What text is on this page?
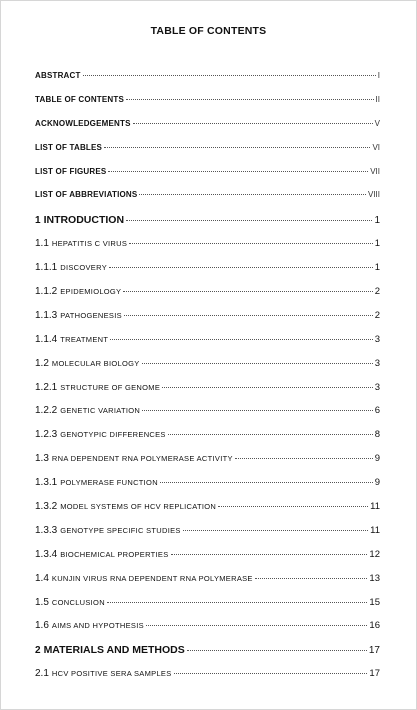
TABLE OF CONTENTS
ABSTRACT	I
TABLE OF CONTENTS	II
ACKNOWLEDGEMENTS	V
LIST OF TABLES	VI
LIST OF FIGURES	VII
LIST OF ABBREVIATIONS	VIII
1 INTRODUCTION	1
1.1 HEPATITIS C VIRUS	1
1.1.1 DISCOVERY	1
1.1.2 EPIDEMIOLOGY	2
1.1.3 PATHOGENESIS	2
1.1.4 TREATMENT	3
1.2 MOLECULAR BIOLOGY	3
1.2.1 STRUCTURE OF GENOME	3
1.2.2 GENETIC VARIATION	6
1.2.3 GENOTYPIC DIFFERENCES	8
1.3 RNA DEPENDENT RNA POLYMERASE ACTIVITY	9
1.3.1 POLYMERASE FUNCTION	9
1.3.2 MODEL SYSTEMS OF HCV REPLICATION	11
1.3.3 GENOTYPE SPECIFIC STUDIES	11
1.3.4 BIOCHEMICAL PROPERTIES	12
1.4 KUNJIN VIRUS RNA DEPENDENT RNA POLYMERASE	13
1.5 CONCLUSION	15
1.6 AIMS AND HYPOTHESIS	16
2 MATERIALS AND METHODS	17
2.1 HCV POSITIVE SERA SAMPLES	17
